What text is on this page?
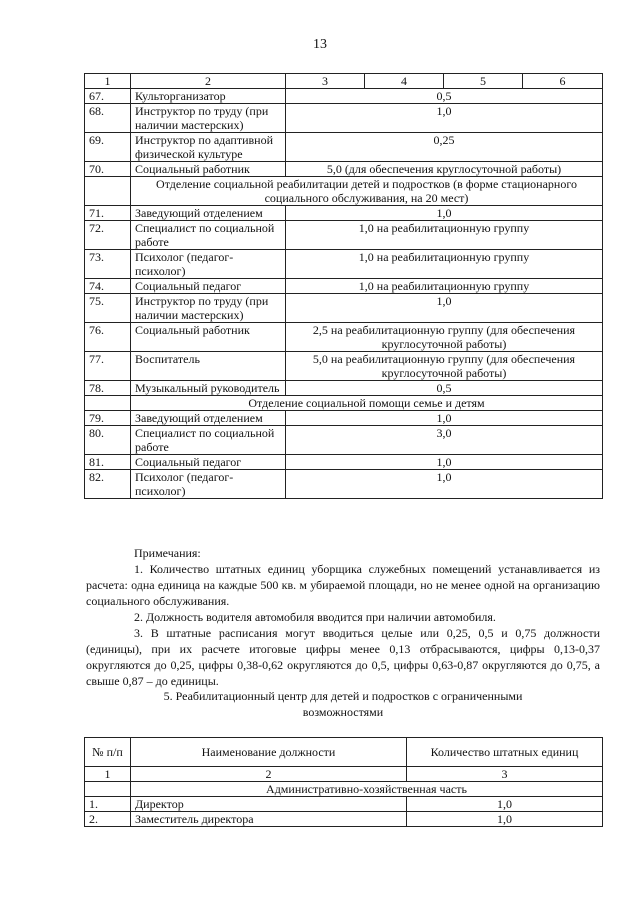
13
1	2	3	4	5	6
67.	Культорганизатор	0,5			
68.	Инструктор по труду (при наличии мастерских)	1,0			
69.	Инструктор по адаптивной физической культуре	0,25			
70.	Социальный работник	5,0 (для обеспечения круглосуточной работы)			
	Отделение социальной реабилитации детей и подростков (в форме стационарного социального обслуживания, на 20 мест)				
71.	Заведующий отделением	1,0			
72.	Специалист по социальной работе	1,0 на реабилитационную группу			
73.	Психолог (педагог-психолог)	1,0 на реабилитационную группу			
74.	Социальный педагог	1,0 на реабилитационную группу			
75.	Инструктор по труду (при наличии мастерских)	1,0			
76.	Социальный работник	2,5 на реабилитационную группу (для обеспечения круглосуточной работы)			
77.	Воспитатель	5,0 на реабилитационную группу (для обеспечения круглосуточной работы)			
78.	Музыкальный руководитель	0,5			
	Отделение социальной помощи семье и детям				
79.	Заведующий отделением	1,0			
80.	Специалист по социальной работе	3,0			
81.	Социальный педагог	1,0			
82.	Психолог (педагог-психолог)	1,0			

Примечания:

1. Количество штатных единиц уборщика служебных помещений устанавливается из расчета: одна единица на каждые 500 кв. м убираемой площади, но не менее одной на организацию социального обслуживания.

2. Должность водителя автомобиля вводится при наличии автомобиля.

3. В штатные расписания могут вводиться целые или 0,25, 0,5 и 0,75 должности (единицы), при их расчете итоговые цифры менее 0,13 отбрасываются, цифры 0,13-0,37 округляются до 0,25, цифры 0,38-0,62 округляются до 0,5, цифры 0,63-0,87 округляются до 0,75, а свыше 0,87 – до единицы.

5. Реабилитационный центр для детей и подростков с ограниченными
возможностями
№ п/п	Наименование должности	Количество штатных единиц
1	2	3
	Административно-хозяйственная часть	
1.	Директор	1,0
2.	Заместитель директора	1,0
